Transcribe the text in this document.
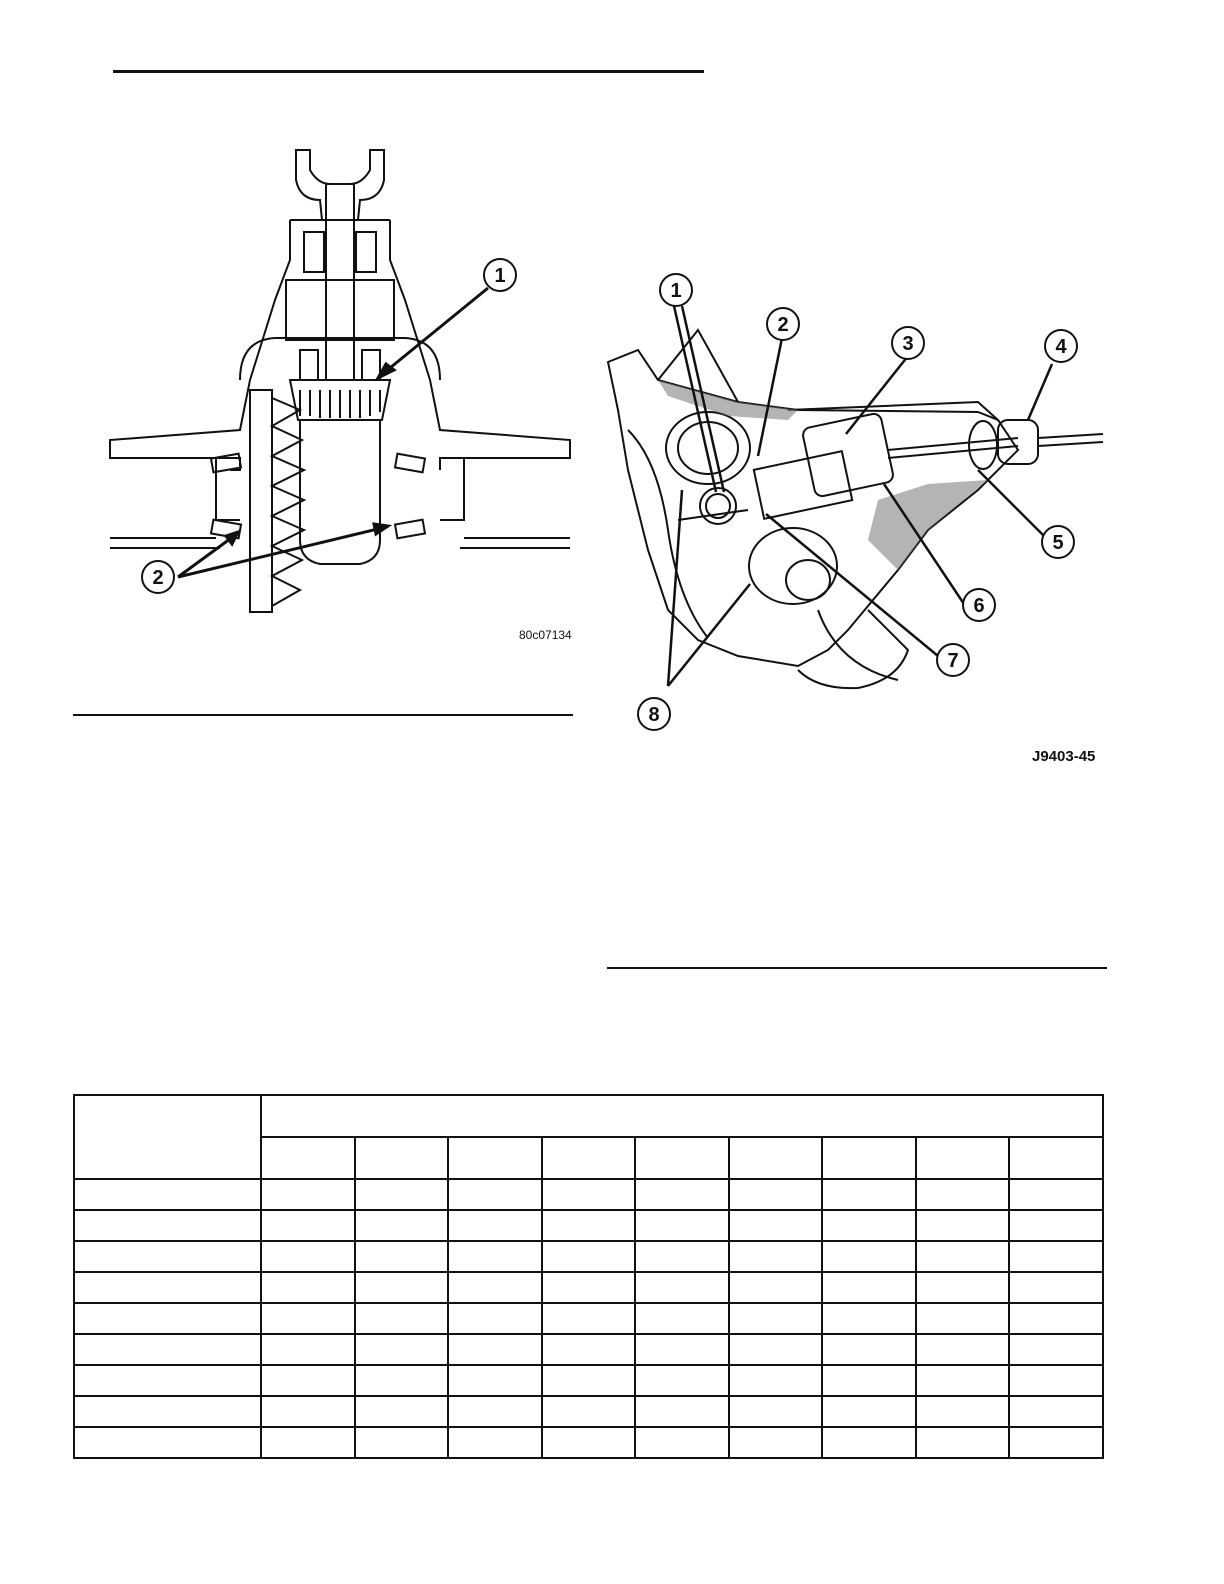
1
2
80c07134
1
2
3	4
5
6
7
8
J9403-45
